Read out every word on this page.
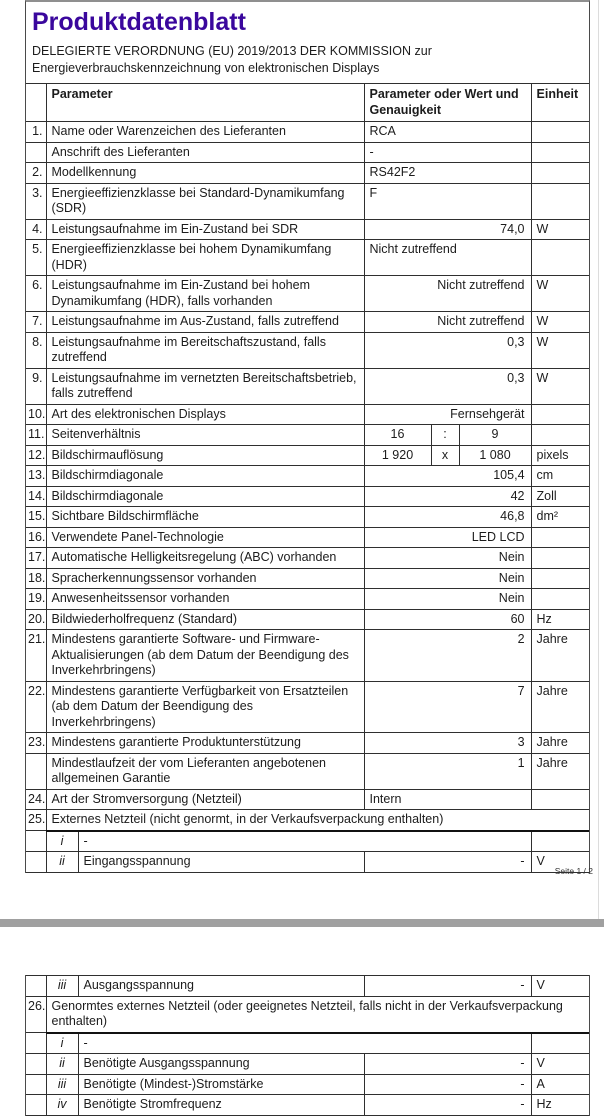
Produktdatenblatt
DELEGIERTE VERORDNUNG (EU) 2019/2013 DER KOMMISSION zur
Energieverbrauchskennzeichnung von elektronischen Displays
	Parameter		Parameter oder Wert und Genauigkeit			Einheit
1.	Name oder Warenzeichen des Lieferanten		RCA			
	Anschrift des Lieferanten		-			
2.	Modellkennung		RS42F2			
3.	Energieeffizienzklasse bei Standard-Dynamikumfang (SDR)		F			
4.	Leistungsaufnahme im Ein-Zustand bei SDR		74,0			W
5.	Energieeffizienzklasse bei hohem Dynamikumfang (HDR)		Nicht zutreffend			
6.	Leistungsaufnahme im Ein-Zustand bei hohem Dynamikumfang (HDR), falls vorhanden		Nicht zutreffend			W
7.	Leistungsaufnahme im Aus-Zustand, falls zutreffend		Nicht zutreffend			W
8.	Leistungsaufnahme im Bereitschaftszustand, falls zutreffend		0,3			W
9.	Leistungsaufnahme im vernetzten Bereitschaftsbetrieb, falls zutreffend		0,3			W
10.	Art des elektronischen Displays		Fernsehgerät			
11.	Seitenverhältnis		16	:	9	
12.	Bildschirmauflösung		1 920	x	1 080	pixels
13.	Bildschirmdiagonale		105,4			cm
14.	Bildschirmdiagonale		42			Zoll
15.	Sichtbare Bildschirmfläche		46,8			dm²
16.	Verwendete Panel-Technologie		LED LCD			
17.	Automatische Helligkeitsregelung (ABC) vorhanden		Nein			
18.	Spracherkennungssensor vorhanden		Nein			
19.	Anwesenheitssensor vorhanden		Nein			
20.	Bildwiederholfrequenz (Standard)		60			Hz
21.	Mindestens garantierte Software- und Firmware-Aktualisierungen (ab dem Datum der Beendigung des Inverkehrbringens)		2			Jahre
22.	Mindestens garantierte Verfügbarkeit von Ersatzteilen (ab dem Datum der Beendigung des Inverkehrbringens)		7			Jahre
23.	Mindestens garantierte Produktunterstützung		3			Jahre
	Mindestlaufzeit der vom Lieferanten angebotenen allgemeinen Garantie		1			Jahre
24.	Art der Stromversorgung (Netzteil)		Intern			
25.	Externes Netzteil (nicht genormt, in der Verkaufsverpackung enthalten)					
	i	-				
	ii	Eingangsspannung	-			V
Seite 1 / 2
	iii	Ausgangsspannung	-	V
26.	Genormtes externes Netzteil (oder geeignetes Netzteil, falls nicht in der Verkaufsverpackung enthalten)			
	i	-		
	ii	Benötigte Ausgangsspannung	-	V
	iii	Benötigte (Mindest-)Stromstärke	-	A
	iv	Benötigte Stromfrequenz	-	Hz
